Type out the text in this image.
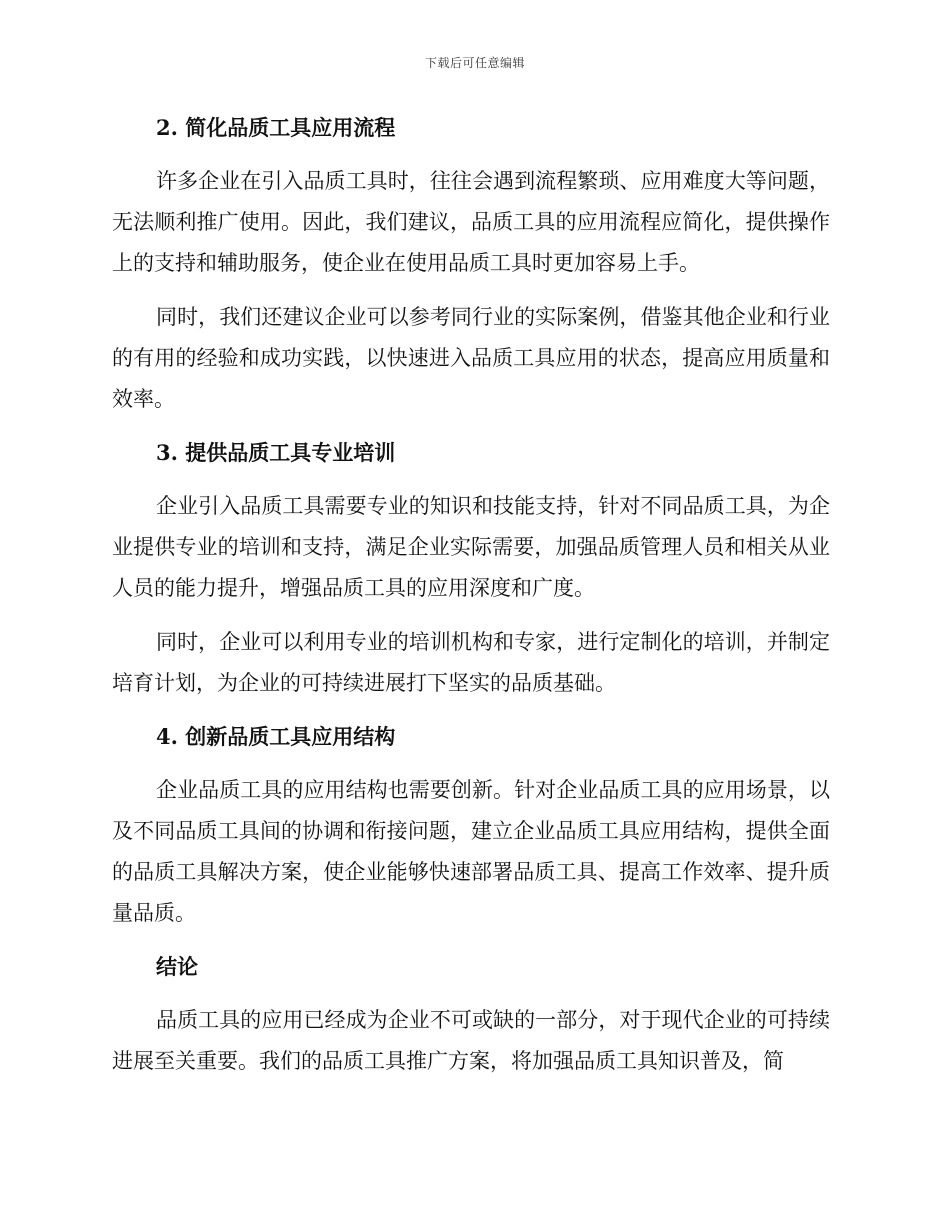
下载后可任意编辑
2. 简化品质工具应用流程

许多企业在引入品质工具时，往往会遇到流程繁琐、应用难度大等问题，无法顺利推广使用。因此，我们建议，品质工具的应用流程应简化，提供操作上的支持和辅助服务，使企业在使用品质工具时更加容易上手。

同时，我们还建议企业可以参考同行业的实际案例，借鉴其他企业和行业的有用的经验和成功实践，以快速进入品质工具应用的状态，提高应用质量和效率。

3. 提供品质工具专业培训

企业引入品质工具需要专业的知识和技能支持，针对不同品质工具，为企业提供专业的培训和支持，满足企业实际需要，加强品质管理人员和相关从业人员的能力提升，增强品质工具的应用深度和广度。

同时，企业可以利用专业的培训机构和专家，进行定制化的培训，并制定培育计划，为企业的可持续进展打下坚实的品质基础。

4. 创新品质工具应用结构

企业品质工具的应用结构也需要创新。针对企业品质工具的应用场景，以及不同品质工具间的协调和衔接问题，建立企业品质工具应用结构，提供全面的品质工具解决方案，使企业能够快速部署品质工具、提高工作效率、提升质量品质。

结论

品质工具的应用已经成为企业不可或缺的一部分，对于现代企业的可持续进展至关重要。我们的品质工具推广方案，将加强品质工具知识普及，简
